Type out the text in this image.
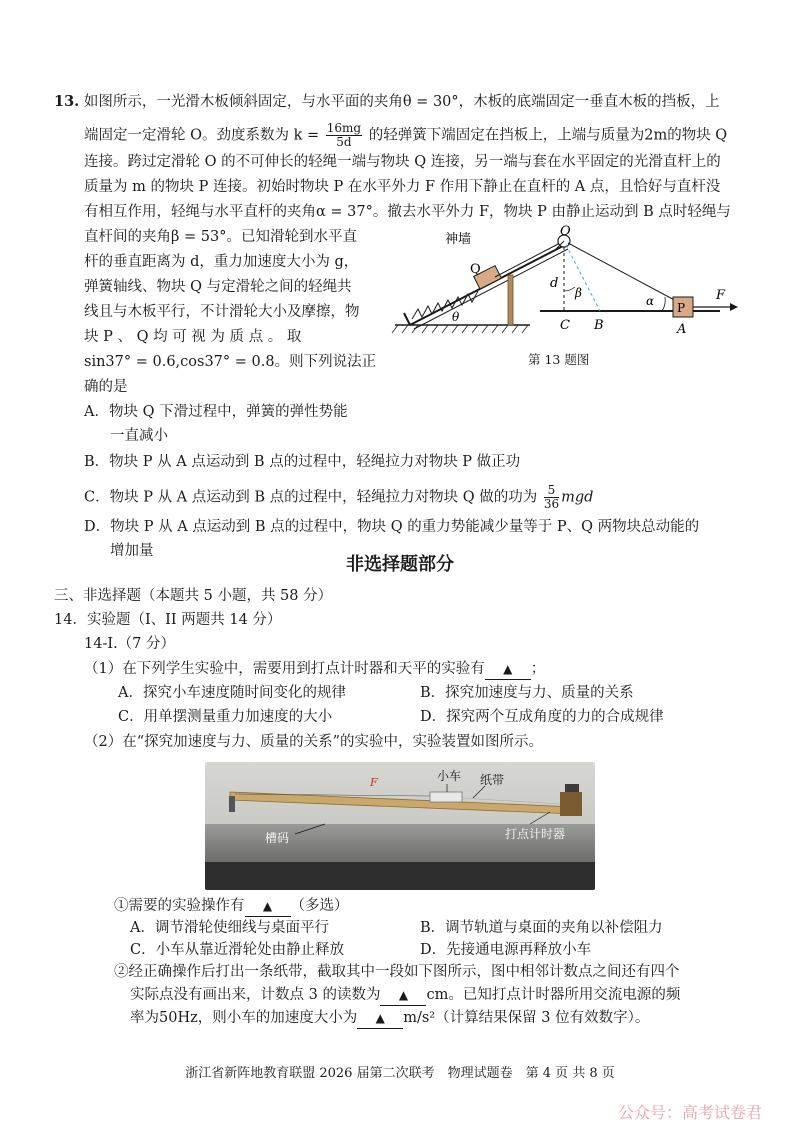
13. 如图所示，一光滑木板倾斜固定，与水平面的夹角θ = 30°，木板的底端固定一垂直木板的挡板，上
端固定一定滑轮 O。劲度系数为 $k = \frac{16mg}{5d}$ 的轻弹簧下端固定在挡板上，上端与质量为2m的物块 Q
连接。跨过定滑轮 O 的不可伸长的轻绳一端与物块 Q 连接，另一端与套在水平固定的光滑直杆上的
质量为 m 的物块 P 连接。初始时物块 P 在水平外力 F 作用下静止在直杆的 A 点，且恰好与直杆没
有相互作用，轻绳与水平直杆的夹角α = 37°。撤去水平外力 F，物块 P 由静止运动到 B 点时轻绳与
直杆间的夹角β = 53°。已知滑轮到水平直
杆的垂直距离为 d，重力加速度大小为 g，
弹簧轴线、物块 Q 与定滑轮之间的轻绳共
线且与木板平行，不计滑轮大小及摩擦，物
块 P 、 Q 均 可 视 为 质 点 。 取
sin37° = 0.6,cos37° = 0.8。则下列说法正
确的是
A．物块 Q 下滑过程中，弹簧的弹性势能
一直减小
B．物块 P 从 A 点运动到 B 点的过程中，轻绳拉力对物块 P 做正功
C．物块 P 从 A 点运动到 B 点的过程中，轻绳拉力对物块 Q 做的功为 $\frac{5}{36}$ mgd
D．物块 P 从 A 点运动到 B 点的过程中，物块 Q 的重力势能减少量等于 P、Q 两物块总动能的
增加量
Q
O
神墙
d
β
α P
F
C B	A
θ
第 13 题图
非选择题部分
三、非选择题（本题共 5 小题，共 58 分）
14．实验题（I、II 两题共 14 分）
14-I.（7 分）
（1）在下列学生实验中，需要用到打点计时器和天平的实验有 ▲ ；
A．探究小车速度随时间变化的规律	B．探究加速度与力、质量的关系
C．用单摆测量重力加速度的大小	D．探究两个互成角度的力的合成规律
（2）在“探究加速度与力、质量的关系”的实验中，实验装置如图所示。
小车 纸带
F
槽码	打点计时器
①需要的实验操作有 ▲ （多选）
A．调节滑轮使细线与桌面平行	B．调节轨道与桌面的夹角以补偿阻力
C．小车从靠近滑轮处由静止释放	D．先接通电源再释放小车
②经正确操作后打出一条纸带，截取其中一段如下图所示，图中相邻计数点之间还有四个
实际点没有画出来，计数点 3 的读数为 ▲ cm。已知打点计时器所用交流电源的频
率为50Hz，则小车的加速度大小为 ▲ m/s²（计算结果保留 3 位有效数字）。
浙江省新阵地教育联盟 2026 届第二次联考　物理试题卷　第 4 页 共 8 页
公众号：高考试卷君
